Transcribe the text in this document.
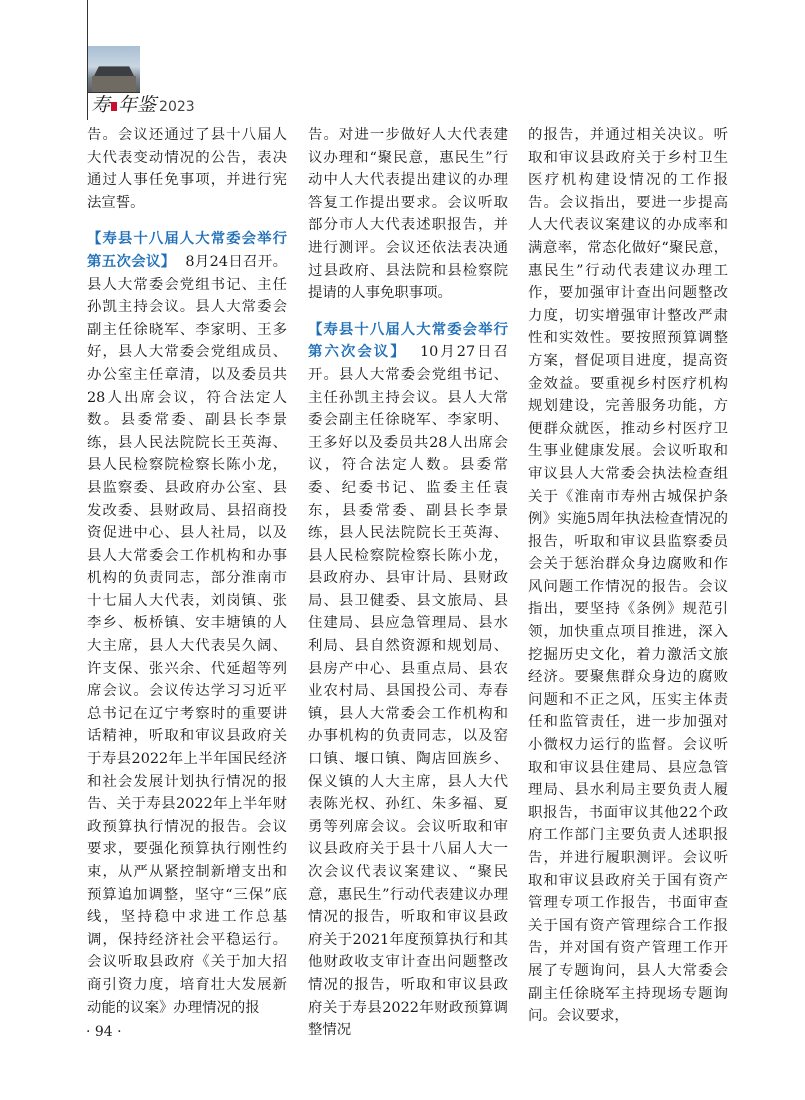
寿 年鉴 2023

告。会议还通过了县十八届人大代表变动情况的公告，表决通过人事任免事项，并进行宪法宣誓。

【寿县十八届人大常委会举行第五次会议】 8月24日召开。县人大常委会党组书记、主任孙凯主持会议。县人大常委会副主任徐晓军、李家明、王多好，县人大常委会党组成员、办公室主任章清，以及委员共28人出席会议，符合法定人数。县委常委、副县长李景练，县人民法院院长王英海、县人民检察院检察长陈小龙，县监察委、县政府办公室、县发改委、县财政局、县招商投资促进中心、县人社局，以及县人大常委会工作机构和办事机构的负责同志，部分淮南市十七届人大代表，刘岗镇、张李乡、板桥镇、安丰塘镇的人大主席，县人大代表吴久阔、许支保、张兴余、代延超等列席会议。会议传达学习习近平总书记在辽宁考察时的重要讲话精神，听取和审议县政府关于寿县2022年上半年国民经济和社会发展计划执行情况的报告、关于寿县2022年上半年财政预算执行情况的报告。会议要求，要强化预算执行刚性约束，从严从紧控制新增支出和预算追加调整，坚守“三保”底线，坚持稳中求进工作总基调，保持经济社会平稳运行。会议听取县政府《关于加大招商引资力度，培育壮大发展新动能的议案》办理情况的报

告。对进一步做好人大代表建议办理和“聚民意，惠民生”行动中人大代表提出建议的办理答复工作提出要求。会议听取部分市人大代表述职报告，并进行测评。会议还依法表决通过县政府、县法院和县检察院提请的人事免职事项。

【寿县十八届人大常委会举行第六次会议】 10月27日召开。县人大常委会党组书记、主任孙凯主持会议。县人大常委会副主任徐晓军、李家明、王多好以及委员共28人出席会议，符合法定人数。县委常委、纪委书记、监委主任袁东，县委常委、副县长李景练，县人民法院院长王英海、县人民检察院检察长陈小龙，县政府办、县审计局、县财政局、县卫健委、县文旅局、县住建局、县应急管理局、县水利局、县自然资源和规划局、县房产中心、县重点局、县农业农村局、县国投公司、寿春镇，县人大常委会工作机构和办事机构的负责同志，以及窑口镇、堰口镇、陶店回族乡、保义镇的人大主席，县人大代表陈光权、孙红、朱多福、夏勇等列席会议。会议听取和审议县政府关于县十八届人大一次会议代表议案建议、“聚民意，惠民生”行动代表建议办理情况的报告，听取和审议县政府关于2021年度预算执行和其他财政收支审计查出问题整改情况的报告，听取和审议县政府关于寿县2022年财政预算调整情况

的报告，并通过相关决议。听取和审议县政府关于乡村卫生医疗机构建设情况的工作报告。会议指出，要进一步提高人大代表议案建议的办成率和满意率，常态化做好“聚民意，惠民生”行动代表建议办理工作，要加强审计查出问题整改力度，切实增强审计整改严肃性和实效性。要按照预算调整方案，督促项目进度，提高资金效益。要重视乡村医疗机构规划建设，完善服务功能，方便群众就医，推动乡村医疗卫生事业健康发展。会议听取和审议县人大常委会执法检查组关于《淮南市寿州古城保护条例》实施5周年执法检查情况的报告，听取和审议县监察委员会关于惩治群众身边腐败和作风问题工作情况的报告。会议指出，要坚持《条例》规范引领，加快重点项目推进，深入挖掘历史文化，着力激活文旅经济。要聚焦群众身边的腐败问题和不正之风，压实主体责任和监管责任，进一步加强对小微权力运行的监督。会议听取和审议县住建局、县应急管理局、县水利局主要负责人履职报告，书面审议其他22个政府工作部门主要负责人述职报告，并进行履职测评。会议听取和审议县政府关于国有资产管理专项工作报告，书面审查关于国有资产管理综合工作报告，并对国有资产管理工作开展了专题询问，县人大常委会副主任徐晓军主持现场专题询问。会议要求，

· 94 ·
